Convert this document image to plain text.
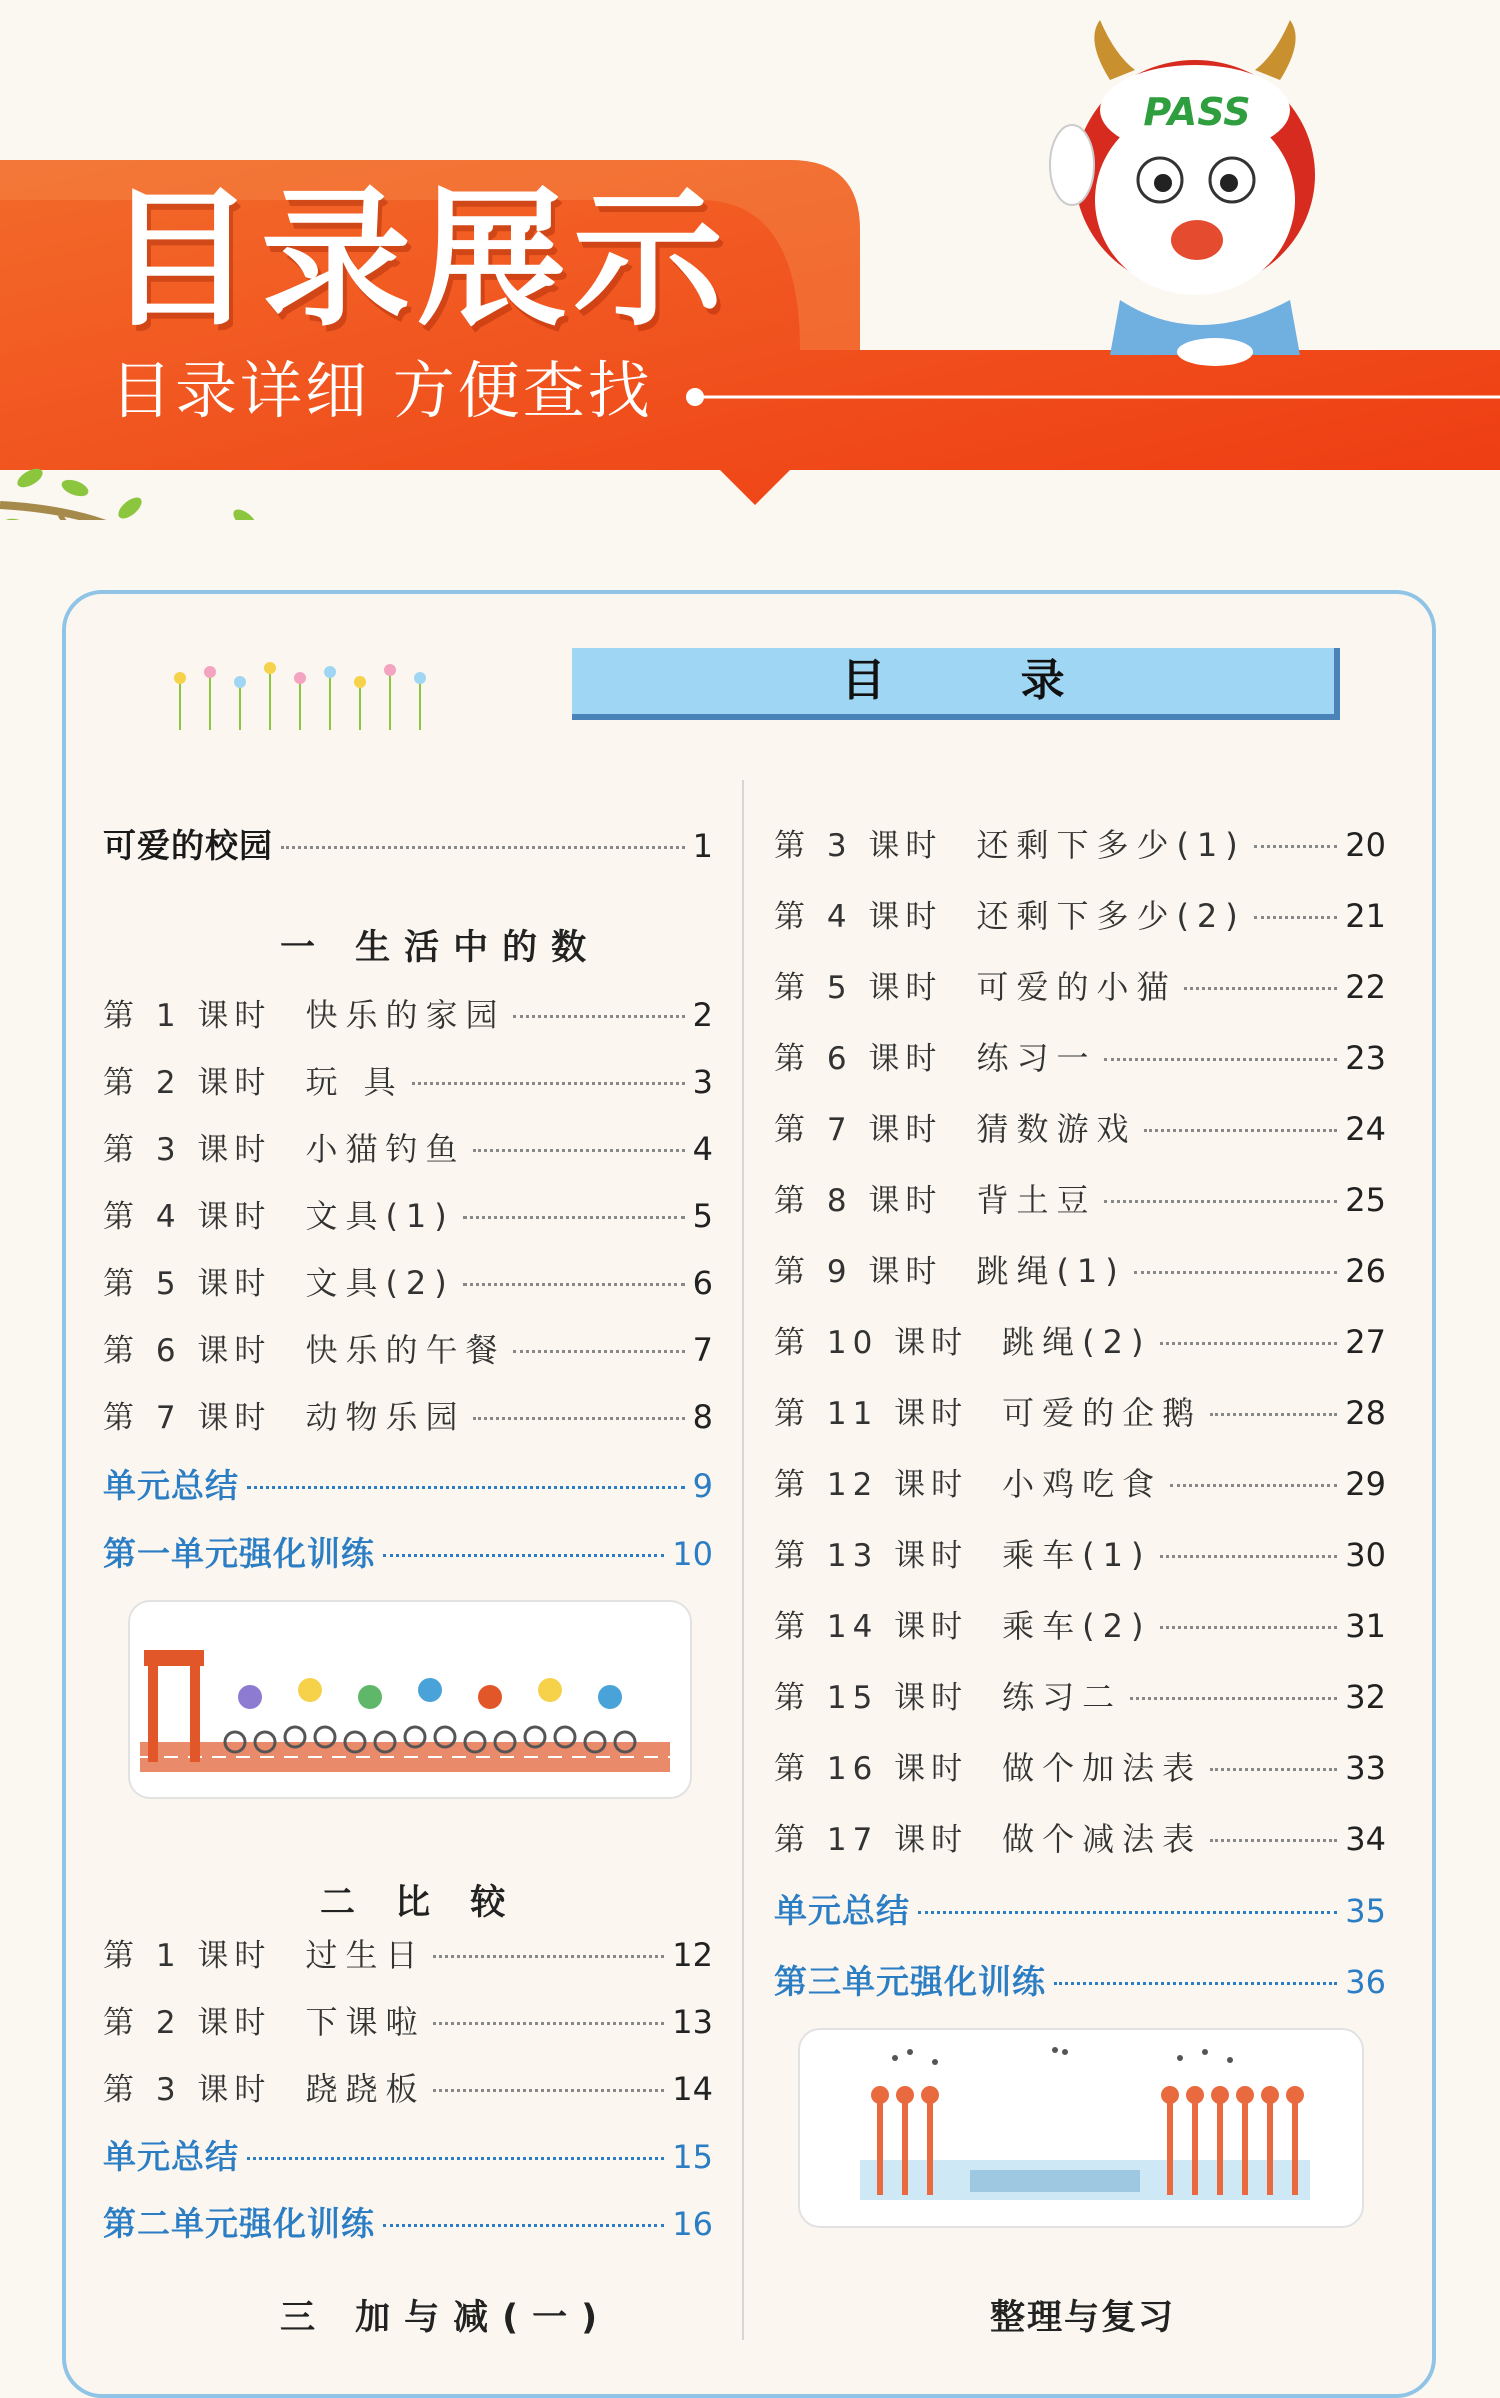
PASS
目录展示
目录详细 方便查找
目 录
可爱的校园	1
一 生活中的数
第 1 课时 快乐的家园	2
第 2 课时 玩 具	3
第 3 课时 小猫钓鱼	4
第 4 课时 文具(1)	5
第 5 课时 文具(2)	6
第 6 课时 快乐的午餐	7
第 7 课时 动物乐园	8
单元总结	9
第一单元强化训练	10
二 比 较
第 1 课时 过生日	12
第 2 课时 下课啦	13
第 3 课时 跷跷板	14
单元总结	15
第二单元强化训练	16
三 加与减(一)
第 3 课时 还剩下多少(1)	20
第 4 课时 还剩下多少(2)	21
第 5 课时 可爱的小猫	22
第 6 课时 练习一	23
第 7 课时 猜数游戏	24
第 8 课时 背土豆	25
第 9 课时 跳绳(1)	26
第 10 课时 跳绳(2)	27
第 11 课时 可爱的企鹅	28
第 12 课时 小鸡吃食	29
第 13 课时 乘车(1)	30
第 14 课时 乘车(2)	31
第 15 课时 练习二	32
第 16 课时 做个加法表	33
第 17 课时 做个减法表	34
单元总结	35
第三单元强化训练	36
整理与复习
